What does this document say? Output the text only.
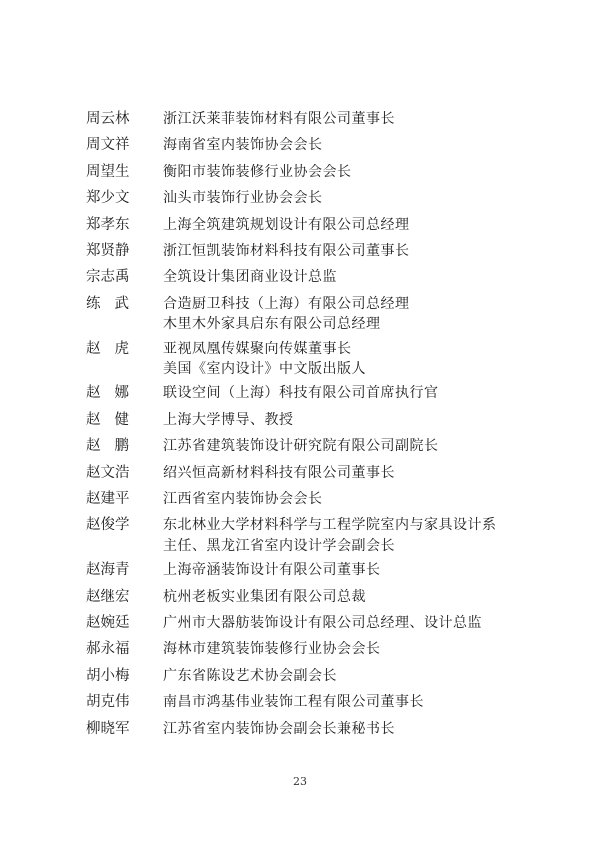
周云林	浙江沃莱菲装饰材料有限公司董事长
周文祥	海南省室内装饰协会会长
周望生	衡阳市装饰装修行业协会会长
郑少文	汕头市装饰行业协会会长
郑孝东	上海全筑建筑规划设计有限公司总经理
郑贤静	浙江恒凯装饰材料科技有限公司董事长
宗志禹	全筑设计集团商业设计总监
练武	合造厨卫科技（上海）有限公司总经理
木里木外家具启东有限公司总经理
赵虎	亚视凤凰传媒聚向传媒董事长
美国《室内设计》中文版出版人
赵娜	联设空间（上海）科技有限公司首席执行官
赵健	上海大学博导、教授
赵鹏	江苏省建筑装饰设计研究院有限公司副院长
赵文浩	绍兴恒高新材料科技有限公司董事长
赵建平	江西省室内装饰协会会长
赵俊学	东北林业大学材料科学与工程学院室内与家具设计系
主任、黑龙江省室内设计学会副会长
赵海青	上海帝涵装饰设计有限公司董事长
赵继宏	杭州老板实业集团有限公司总裁
赵婉廷	广州市大器舫装饰设计有限公司总经理、设计总监
郝永福	海林市建筑装饰装修行业协会会长
胡小梅	广东省陈设艺术协会副会长
胡克伟	南昌市鸿基伟业装饰工程有限公司董事长
柳晓军	江苏省室内装饰协会副会长兼秘书长
23
